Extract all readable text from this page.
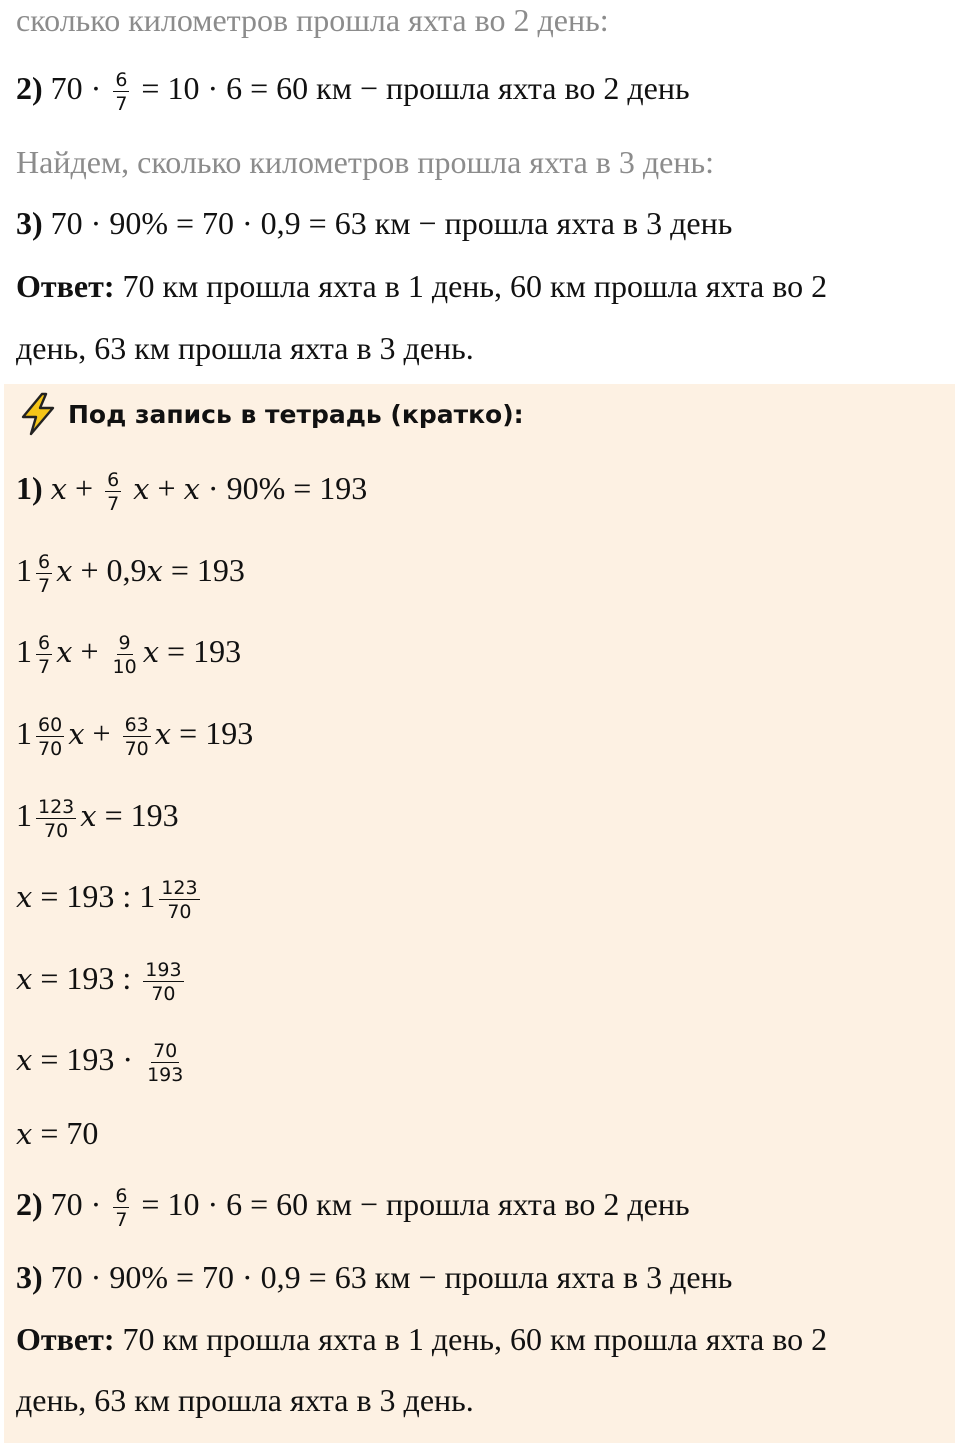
сколько километров прошла яхта во 2 день:
2) $70 \cdot \frac{6}{7} = 10 \cdot 6 = 60$ км − прошла яхта во 2 день
Найдем, сколько километров прошла яхта в 3 день:
3) 70 · 90% = 70 · 0,9 = 63 км − прошла яхта в 3 день
Ответ: 70 км прошла яхта в 1 день, 60 км прошла яхта во 2
день, 63 км прошла яхта в 3 день.
Под запись в тетрадь (кратко):
1) $x + \frac{6}{7}$ x + x · 90% = 193
$1 \frac{6}{7}$ x + 0,9x = 193
$1 \frac{6}{7}$ $x + \frac{9}{10}$ x = 193
$1 \frac{60}{70}$ $x + \frac{63}{70}$ x = 193
$1 \frac{123}{70}$ x = 193
x = 193 : $1 \frac{123}{70}$
x = 193 : $\frac{193}{70}$
$x = 193 \cdot \frac{70}{193}$
x = 70
2) $70 \cdot \frac{6}{7} = 10 \cdot 6 = 60$ км − прошла яхта во 2 день
3) 70 · 90% = 70 · 0,9 = 63 км − прошла яхта в 3 день
Ответ: 70 км прошла яхта в 1 день, 60 км прошла яхта во 2
день, 63 км прошла яхта в 3 день.
